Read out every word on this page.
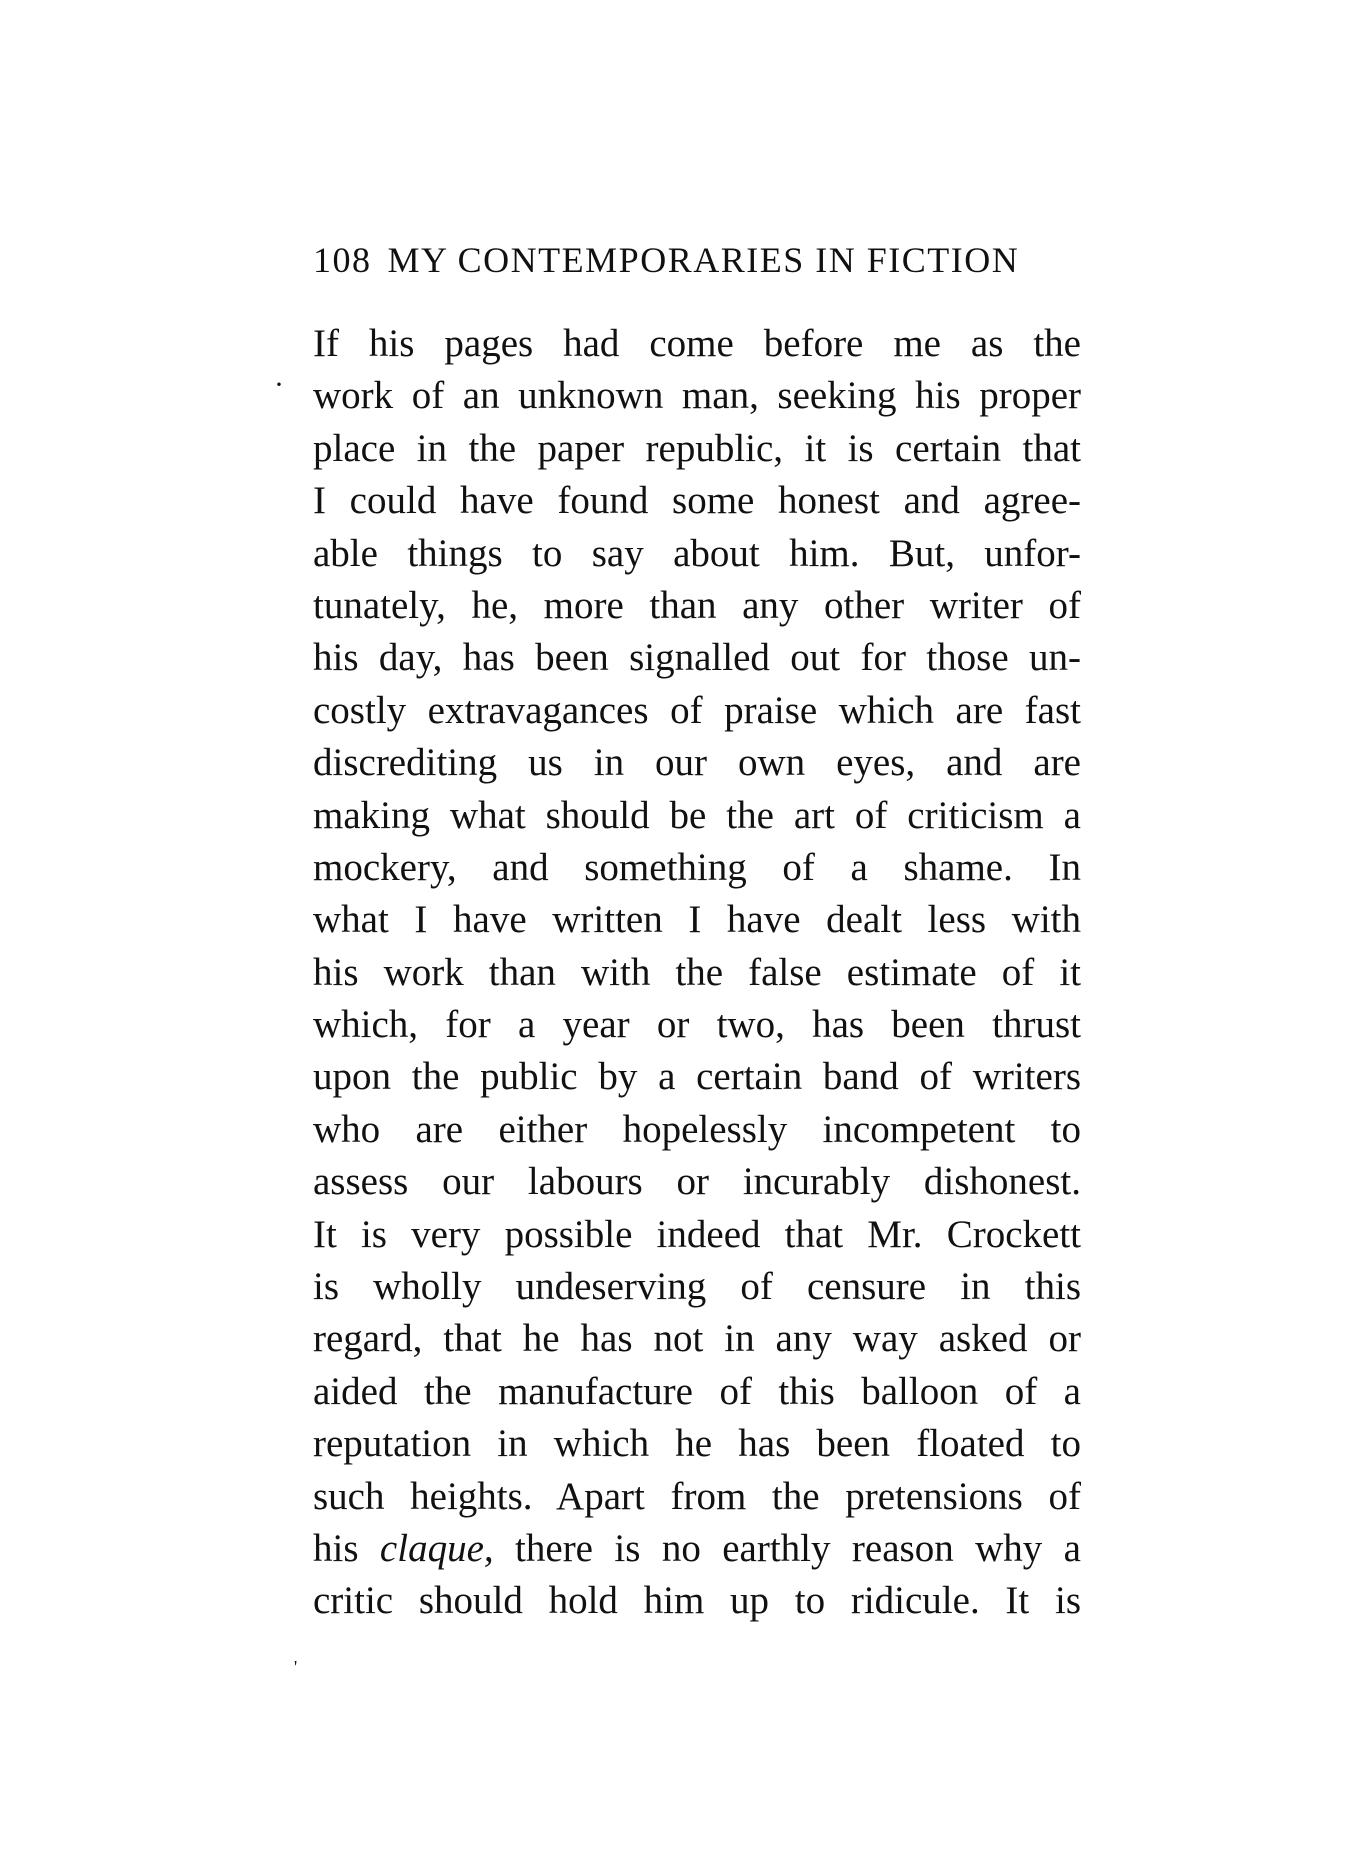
108 MY CONTEMPORARIES IN FICTION
·
'
If his pages had come before me as the
work of an unknown man, seeking his proper
place in the paper republic, it is certain that
I could have found some honest and agree-
able things to say about him. But, unfor-
tunately, he, more than any other writer of
his day, has been signalled out for those un-
costly extravagances of praise which are fast
discrediting us in our own eyes, and are
making what should be the art of criticism a
mockery, and something of a shame. In
what I have written I have dealt less with
his work than with the false estimate of it
which, for a year or two, has been thrust
upon the public by a certain band of writers
who are either hopelessly incompetent to
assess our labours or incurably dishonest.
It is very possible indeed that Mr. Crockett
is wholly undeserving of censure in this
regard, that he has not in any way asked or
aided the manufacture of this balloon of a
reputation in which he has been floated to
such heights. Apart from the pretensions of
his claque, there is no earthly reason why a
critic should hold him up to ridicule. It is
